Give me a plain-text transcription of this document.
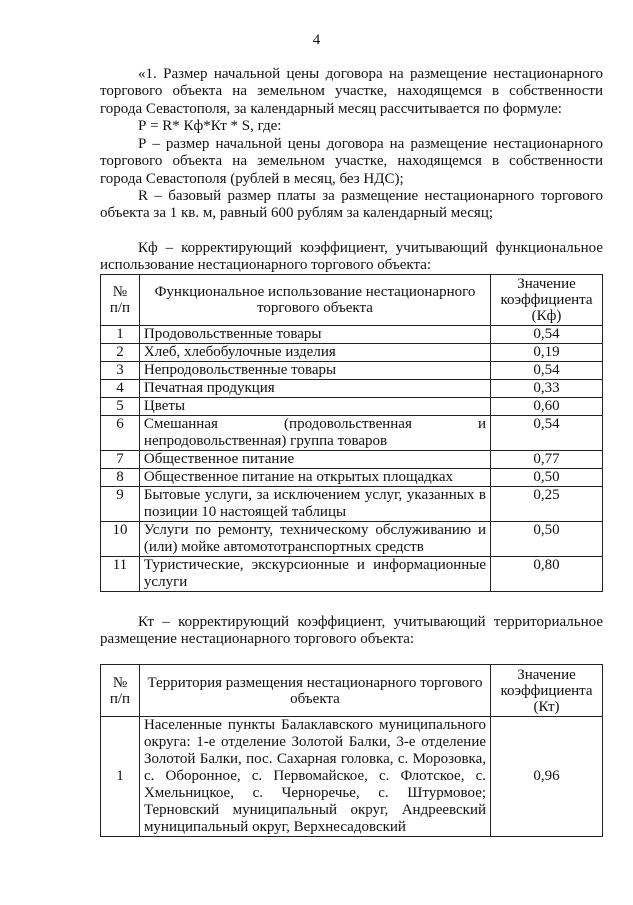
4

«1. Размер начальной цены договора на размещение нестационарного торгового объекта на земельном участке, находящемся в собственности города Севастополя, за календарный месяц рассчитывается по формуле:

Р = R* Кф*Кт * S, где:

Р – размер начальной цены договора на размещение нестационарного торгового объекта на земельном участке, находящемся в собственности города Севастополя (рублей в месяц, без НДС);

R – базовый размер платы за размещение нестационарного торгового объекта за 1 кв. м, равный 600 рублям за календарный месяц;

Кф – корректирующий коэффициент, учитывающий функциональное использование нестационарного торгового объекта:

№ п/п	Функциональное использование нестационарного торгового объекта	Значение коэффициента (Кф)
1	Продовольственные товары	0,54
2	Хлеб, хлебобулочные изделия	0,19
3	Непродовольственные товары	0,54
4	Печатная продукция	0,33
5	Цветы	0,60
6	Смешанная (продовольственная и непродовольственная) группа товаров	0,54
7	Общественное питание	0,77
8	Общественное питание на открытых площадках	0,50
9	Бытовые услуги, за исключением услуг, указанных в позиции 10 настоящей таблицы	0,25
10	Услуги по ремонту, техническому обслуживанию и (или) мойке автомототранспортных средств	0,50
11	Туристические, экскурсионные и информационные услуги	0,80

Кт – корректирующий коэффициент, учитывающий территориальное размещение нестационарного торгового объекта:

№ п/п	Территория размещения нестационарного торгового объекта	Значение коэффициента (Кт)
1	Населенные пункты Балаклавского муниципального округа: 1-е отделение Золотой Балки, 3-е отделение Золотой Балки, пос. Сахарная головка, с. Морозовка, с. Оборонное, с. Первомайское, с. Флотское, с. Хмельницкое, с. Черноречье, с. Штурмовое; Терновский муниципальный округ, Андреевский муниципальный округ, Верхнесадовский	0,96
